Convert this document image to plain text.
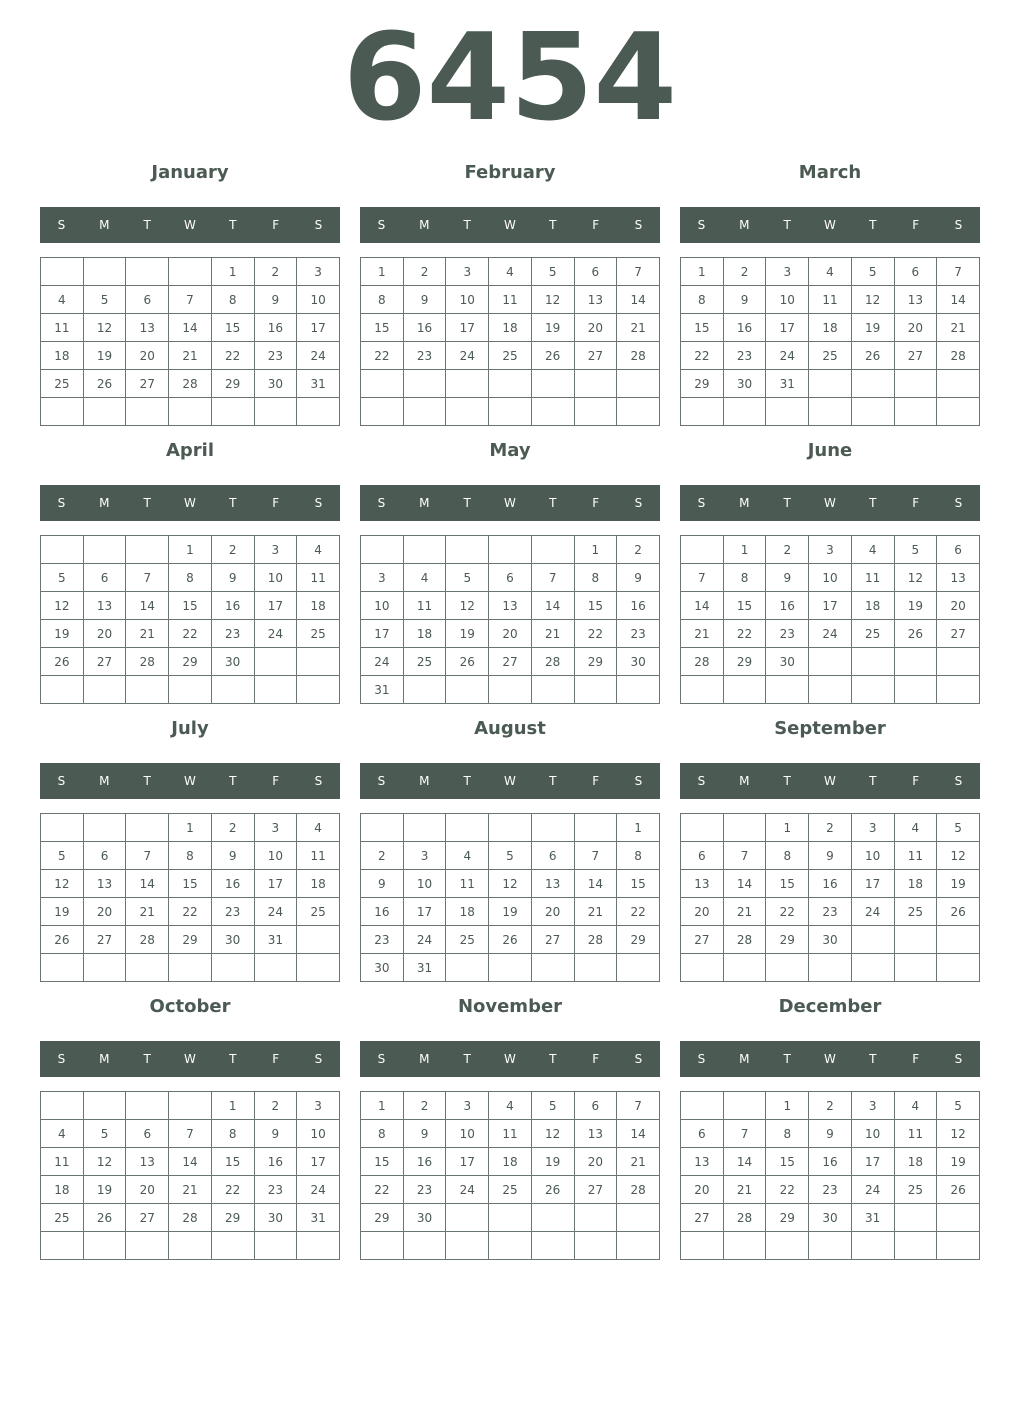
6454
January
S	M	T	W	T	F	S
				1	2	3
4	5	6	7	8	9	10
11	12	13	14	15	16	17
18	19	20	21	22	23	24
25	26	27	28	29	30	31

February
S	M	T	W	T	F	S
1	2	3	4	5	6	7
8	9	10	11	12	13	14
15	16	17	18	19	20	21
22	23	24	25	26	27	28

March
S	M	T	W	T	F	S
1	2	3	4	5	6	7
8	9	10	11	12	13	14
15	16	17	18	19	20	21
22	23	24	25	26	27	28
29	30	31				

April
S	M	T	W	T	F	S
			1	2	3	4
5	6	7	8	9	10	11
12	13	14	15	16	17	18
19	20	21	22	23	24	25
26	27	28	29	30		

May
S	M	T	W	T	F	S
					1	2
3	4	5	6	7	8	9
10	11	12	13	14	15	16
17	18	19	20	21	22	23
24	25	26	27	28	29	30
31						
June
S	M	T	W	T	F	S
	1	2	3	4	5	6
7	8	9	10	11	12	13
14	15	16	17	18	19	20
21	22	23	24	25	26	27
28	29	30				

July
S	M	T	W	T	F	S
			1	2	3	4
5	6	7	8	9	10	11
12	13	14	15	16	17	18
19	20	21	22	23	24	25
26	27	28	29	30	31	

August
S	M	T	W	T	F	S
						1
2	3	4	5	6	7	8
9	10	11	12	13	14	15
16	17	18	19	20	21	22
23	24	25	26	27	28	29
30	31					
September
S	M	T	W	T	F	S
		1	2	3	4	5
6	7	8	9	10	11	12
13	14	15	16	17	18	19
20	21	22	23	24	25	26
27	28	29	30			

October
S	M	T	W	T	F	S
				1	2	3
4	5	6	7	8	9	10
11	12	13	14	15	16	17
18	19	20	21	22	23	24
25	26	27	28	29	30	31

November
S	M	T	W	T	F	S
1	2	3	4	5	6	7
8	9	10	11	12	13	14
15	16	17	18	19	20	21
22	23	24	25	26	27	28
29	30					

December
S	M	T	W	T	F	S
		1	2	3	4	5
6	7	8	9	10	11	12
13	14	15	16	17	18	19
20	21	22	23	24	25	26
27	28	29	30	31		
